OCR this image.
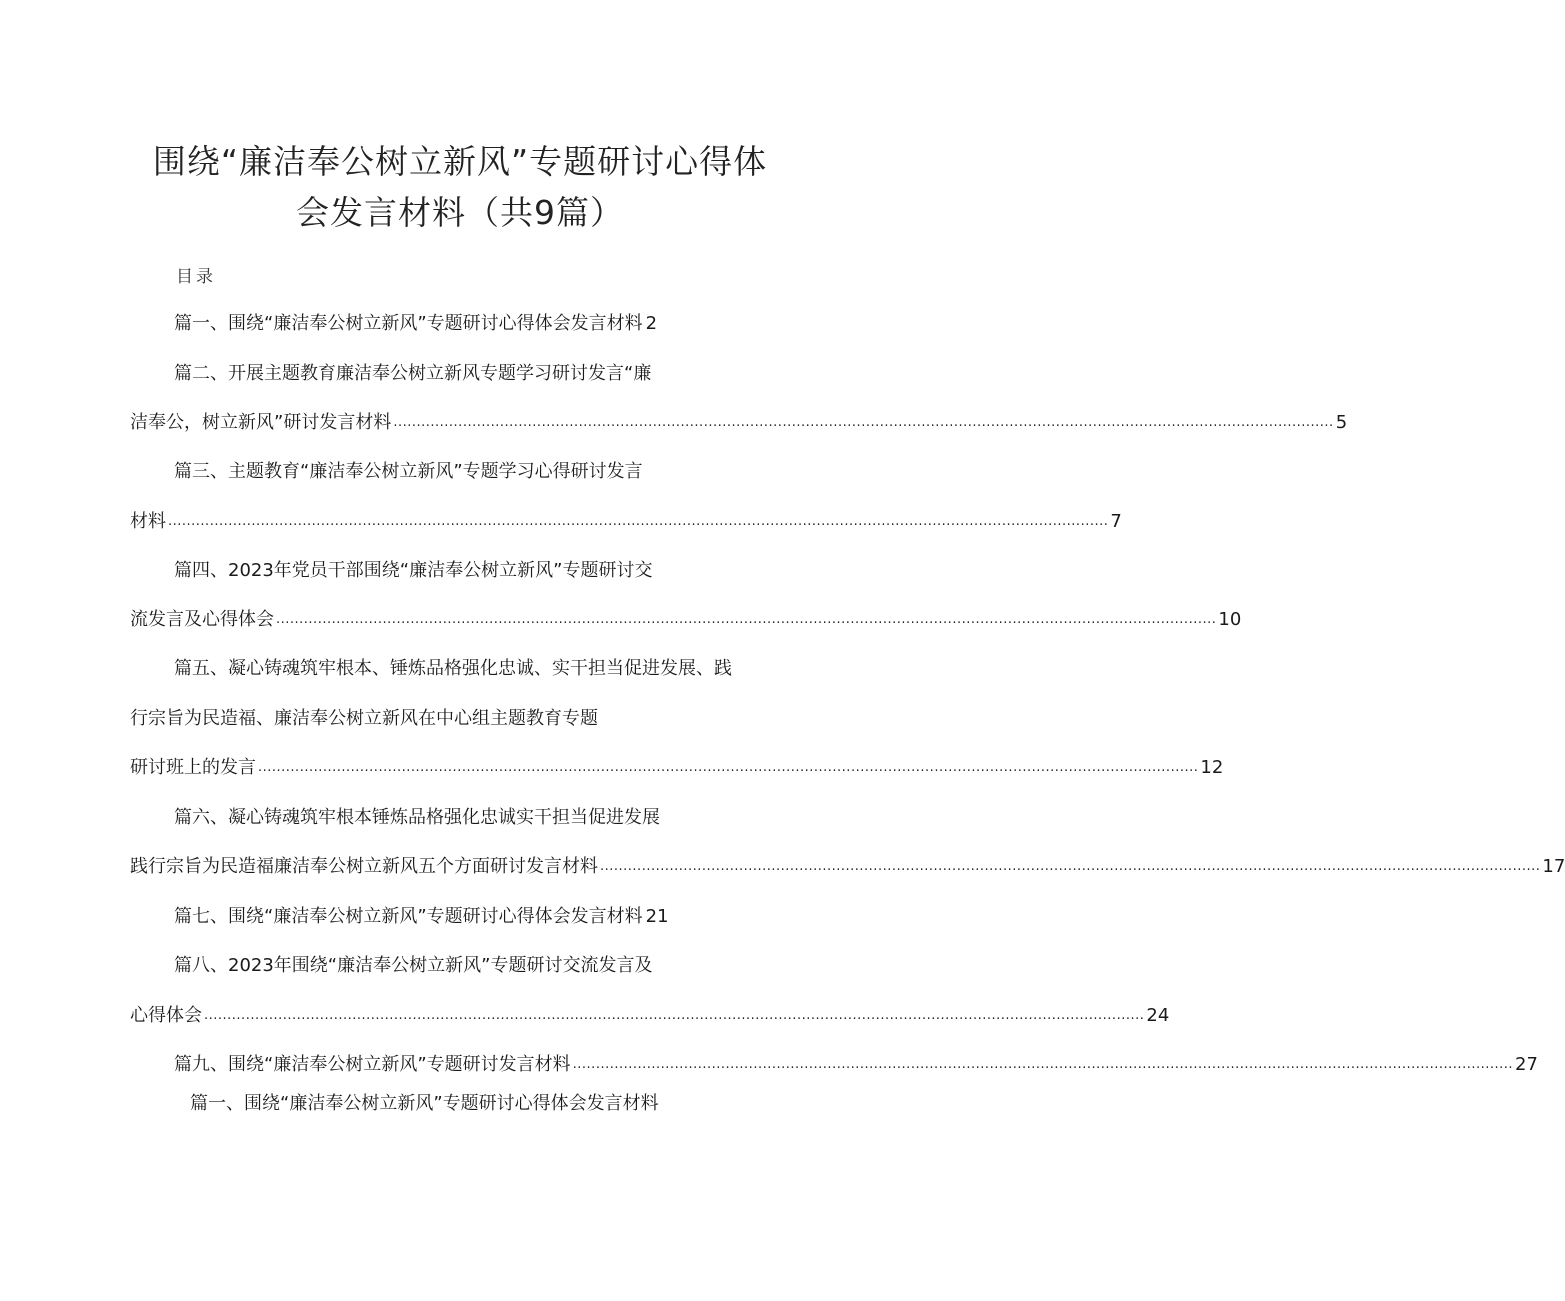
围绕“廉洁奉公树立新风”专题研讨心得体
会发言材料（共9篇）
目录
篇一、围绕“廉洁奉公树立新风”专题研讨心得体会发言材料 2
篇二、开展主题教育廉洁奉公树立新风专题学习研讨发言“廉
洁奉公，树立新风”研讨发言材料 ........................................................................................................................................................................................................... 5
篇三、主题教育“廉洁奉公树立新风”专题学习心得研讨发言
材料 ........................................................................................................................................................................................................... 7
篇四、2023年党员干部围绕“廉洁奉公树立新风”专题研讨交
流发言及心得体会 ........................................................................................................................................................................................................... 10
篇五、凝心铸魂筑牢根本、锤炼品格强化忠诚、实干担当促进发展、践
行宗旨为民造福、廉洁奉公树立新风在中心组主题教育专题
研讨班上的发言 ........................................................................................................................................................................................................... 12
篇六、凝心铸魂筑牢根本锤炼品格强化忠诚实干担当促进发展
践行宗旨为民造福廉洁奉公树立新风五个方面研讨发言材料 ........................................................................................................................................................................................................... 17
篇七、围绕“廉洁奉公树立新风”专题研讨心得体会发言材料 21
篇八、2023年围绕“廉洁奉公树立新风”专题研讨交流发言及
心得体会 ........................................................................................................................................................................................................... 24
篇九、围绕“廉洁奉公树立新风”专题研讨发言材料 ........................................................................................................................................................................................................... 27
篇一、围绕“廉洁奉公树立新风”专题研讨心得体会发言材料
